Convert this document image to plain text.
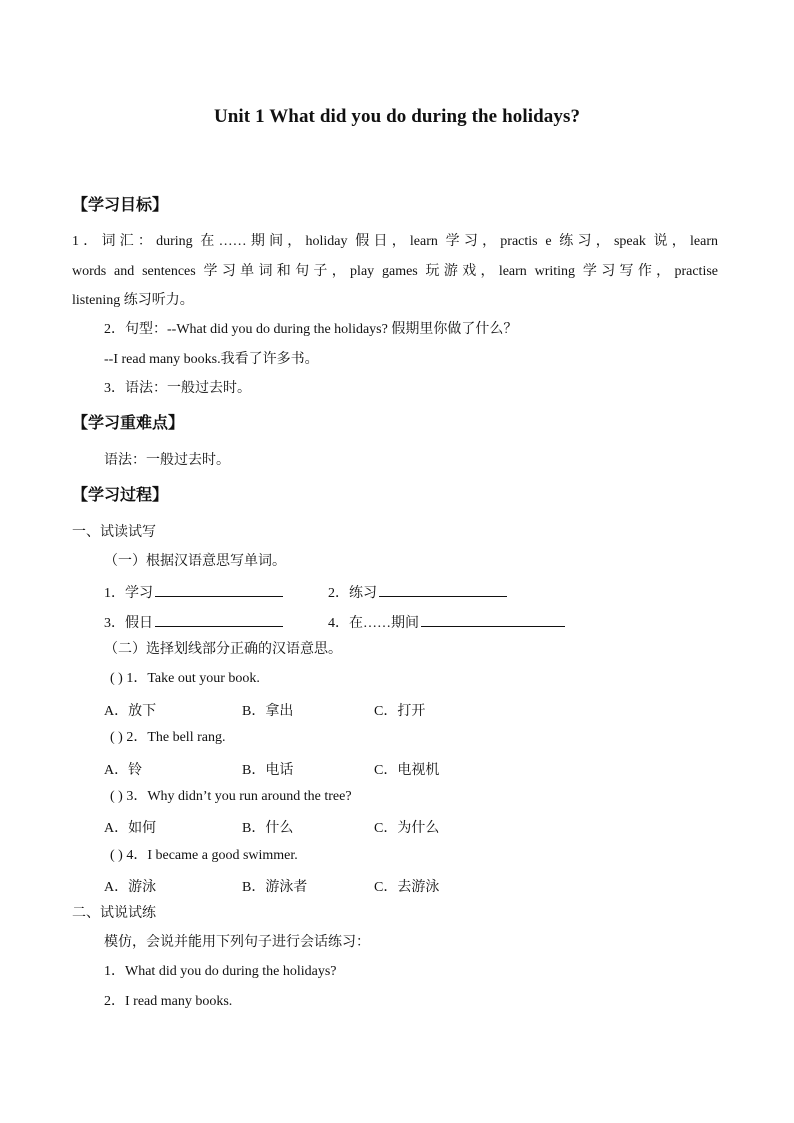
Unit 1 What did you do during the holidays?
【学习目标】
1．词汇：during 在……期间，holiday 假日，learn 学习，practis e 练习，speak 说，learn
words and sentences 学习单词和句子，play games 玩游戏，learn writing 学习写作，practise
listening 练习听力。
2．句型：--What did you do during the holidays? 假期里你做了什么？
--I read many books.我看了许多书。
3．语法：一般过去时。
【学习重难点】
语法：一般过去时。
【学习过程】
一、试读试写
（一）根据汉语意思写单词。
1．学习	2．练习
3．假日	4．在……期间
（二）选择划线部分正确的汉语意思。
( ) 1．Take out your book.
A．放下	B．拿出	C．打开
( ) 2．The bell rang.
A．铃	B．电话	C．电视机
( ) 3．Why didn’t you run around the tree?
A．如何	B．什么	C．为什么
( ) 4．I became a good swimmer.
A．游泳	B．游泳者	C．去游泳
二、试说试练
模仿，会说并能用下列句子进行会话练习：
1．What did you do during the holidays?
2．I read many books.
